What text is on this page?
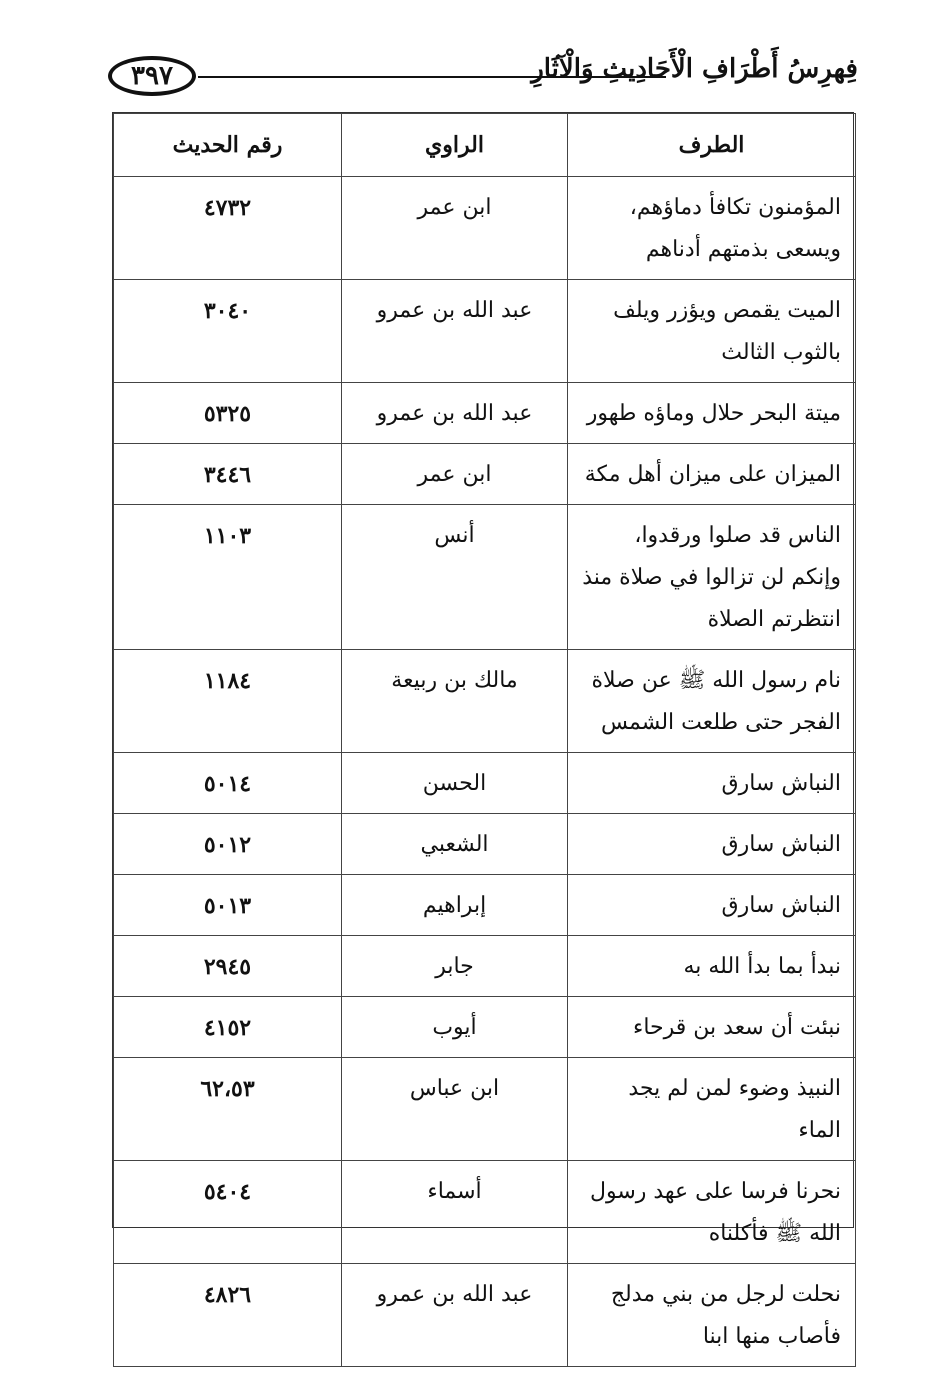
٣٩٧	فِهرِسُ أَطْرَافِ الْأَحَادِيثِ وَالْآثَارِ
الطرف	الراوي	رقم الحديث
المؤمنون تكافأ دماؤهم، ويسعى بذمتهم أدناهم	ابن عمر	٤٧٣٢
الميت يقمص ويؤزر ويلف بالثوب الثالث	عبد الله بن عمرو	٣٠٤٠
ميتة البحر حلال وماؤه طهور	عبد الله بن عمرو	٥٣٢٥
الميزان على ميزان أهل مكة	ابن عمر	٣٤٤٦
الناس قد صلوا ورقدوا، وإنكم لن تزالوا في صلاة منذ انتظرتم الصلاة	أنس	١١٠٣
نام رسول الله ﷺ عن صلاة الفجر حتى طلعت الشمس	مالك بن ربيعة	١١٨٤
النباش سارق	الحسن	٥٠١٤
النباش سارق	الشعبي	٥٠١٢
النباش سارق	إبراهيم	٥٠١٣
نبدأ بما بدأ الله به	جابر	٢٩٤٥
نبئت أن سعد بن قرحاء	أيوب	٤١٥٢
النبيذ وضوء لمن لم يجد الماء	ابن عباس	٦٢،٥٣
نحرنا فرسا على عهد رسول الله ﷺ فأكلناه	أسماء	٥٤٠٤
نحلت لرجل من بني مدلج فأصاب منها ابنا	عبد الله بن عمرو	٤٨٢٦
